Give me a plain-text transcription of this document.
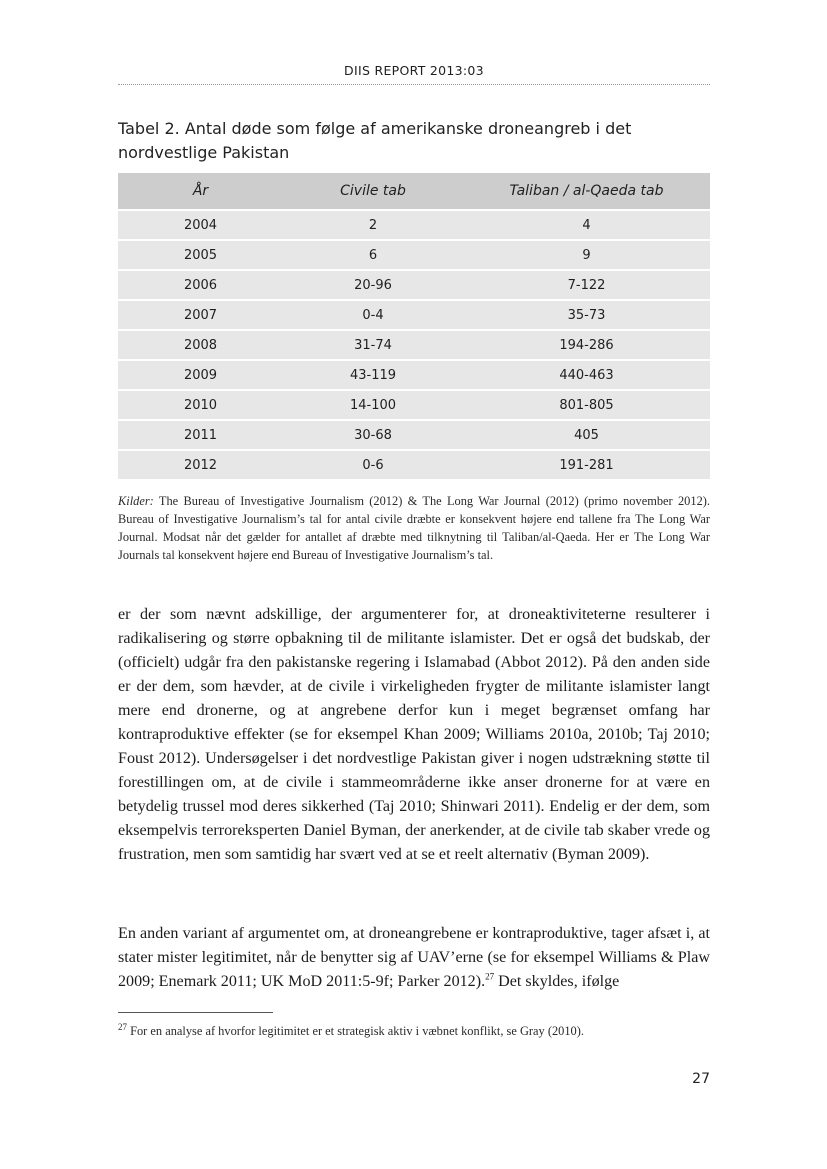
DIIS REPORT 2013:03
Tabel 2. Antal døde som følge af amerikanske droneangreb i det
nordvestlige Pakistan
År	Civile tab	Taliban / al-Qaeda tab
2004	2	4
2005	6	9
2006	20-96	7-122
2007	0-4	35-73
2008	31-74	194-286
2009	43-119	440-463
2010	14-100	801-805
2011	30-68	405
2012	0-6	191-281
Kilder: The Bureau of Investigative Journalism (2012) & The Long War Journal (2012) (primo november 2012). Bureau of Investigative Journalism’s tal for antal civile dræbte er konsekvent højere end tallene fra The Long War Journal. Modsat når det gælder for antallet af dræbte med tilknytning til Taliban/al-Qaeda. Her er The Long War Journals tal konsekvent højere end Bureau of Investigative Journalism’s tal.
er der som nævnt adskillige, der argumenterer for, at droneaktiviteterne resulterer i radikalisering og større opbakning til de militante islamister. Det er også det budskab, der (officielt) udgår fra den pakistanske regering i Islamabad (Abbot 2012). På den anden side er der dem, som hævder, at de civile i virkeligheden frygter de militante islamister langt mere end dronerne, og at angrebene derfor kun i meget begrænset omfang har kontraproduktive effekter (se for eksempel Khan 2009; Williams 2010a, 2010b; Taj 2010; Foust 2012). Undersøgelser i det nordvestlige Pakistan giver i nogen udstrækning støtte til forestillingen om, at de civile i stammeområderne ikke anser dronerne for at være en betydelig trussel mod deres sikkerhed (Taj 2010; Shinwari 2011). Endelig er der dem, som eksempelvis terroreksperten Daniel Byman, der anerkender, at de civile tab skaber vrede og frustration, men som samtidig har svært ved at se et reelt alternativ (Byman 2009).
En anden variant af argumentet om, at droneangrebene er kontraproduktive, tager afsæt i, at stater mister legitimitet, når de benytter sig af UAV’erne (se for eksempel Williams & Plaw 2009; Enemark 2011; UK MoD 2011:5-9f; Parker 2012).$^{27}$ Det skyldes, ifølge
$^{27}$ For en analyse af hvorfor legitimitet er et strategisk aktiv i væbnet konflikt, se Gray (2010).
27
